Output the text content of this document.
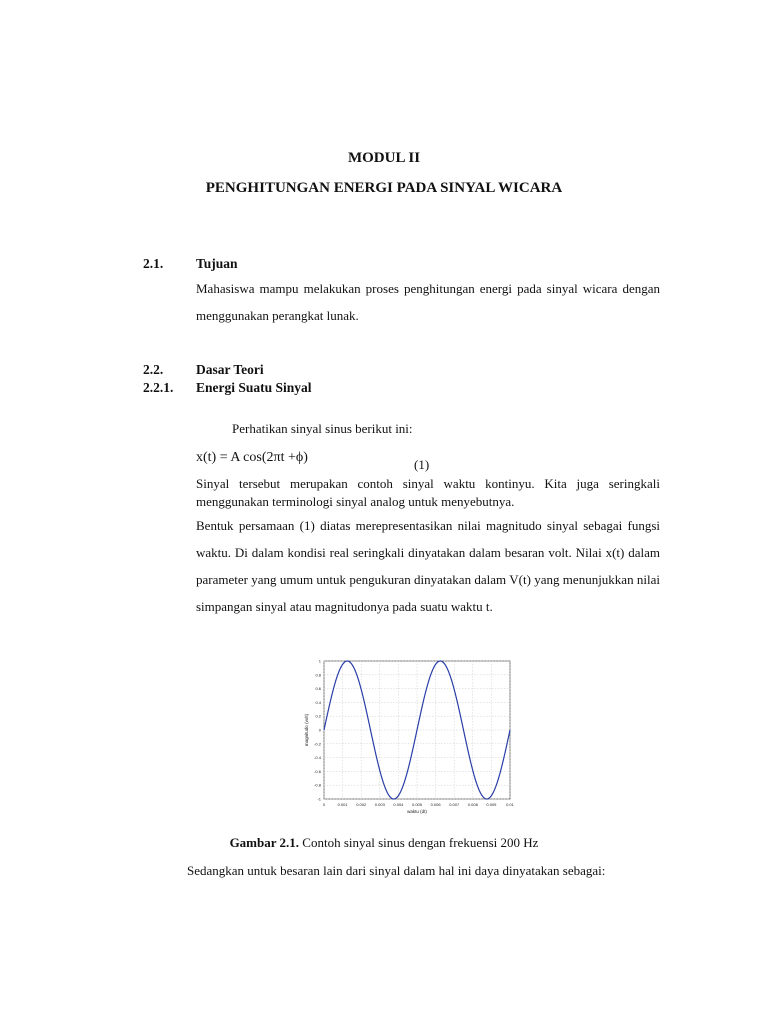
MODUL II
PENGHITUNGAN ENERGI PADA SINYAL WICARA
2.1. Tujuan
Mahasiswa mampu melakukan proses penghitungan energi pada sinyal wicara dengan menggunakan perangkat lunak.
2.2. Dasar Teori
2.2.1. Energi Suatu Sinyal
Perhatikan sinyal sinus berikut ini:
x(t) = A cos(2πt +ϕ)	(1)
Sinyal tersebut merupakan contoh sinyal waktu kontinyu. Kita juga seringkali menggunakan terminologi sinyal analog untuk menyebutnya.
Bentuk persamaan (1) diatas merepresentasikan nilai magnitudo sinyal sebagai fungsi waktu. Di dalam kondisi real seringkali dinyatakan dalam besaran volt. Nilai x(t) dalam parameter yang umum untuk pengukuran dinyatakan dalam V(t) yang menunjukkan nilai simpangan sinyal atau magnitudonya pada suatu waktu t.
0	0.001 0.002 0.003 0.004 0.005 0.006 0.007 0.008 0.009 0.01
1
0.8
0.6
0.4
0.2
0
-0.2
-0.4
-0.6
-0.8
-1
waktu (dt)
magnitudo (volt)
Gambar 2.1. Contoh sinyal sinus dengan frekuensi 200 Hz
Sedangkan untuk besaran lain dari sinyal dalam hal ini daya dinyatakan sebagai:
